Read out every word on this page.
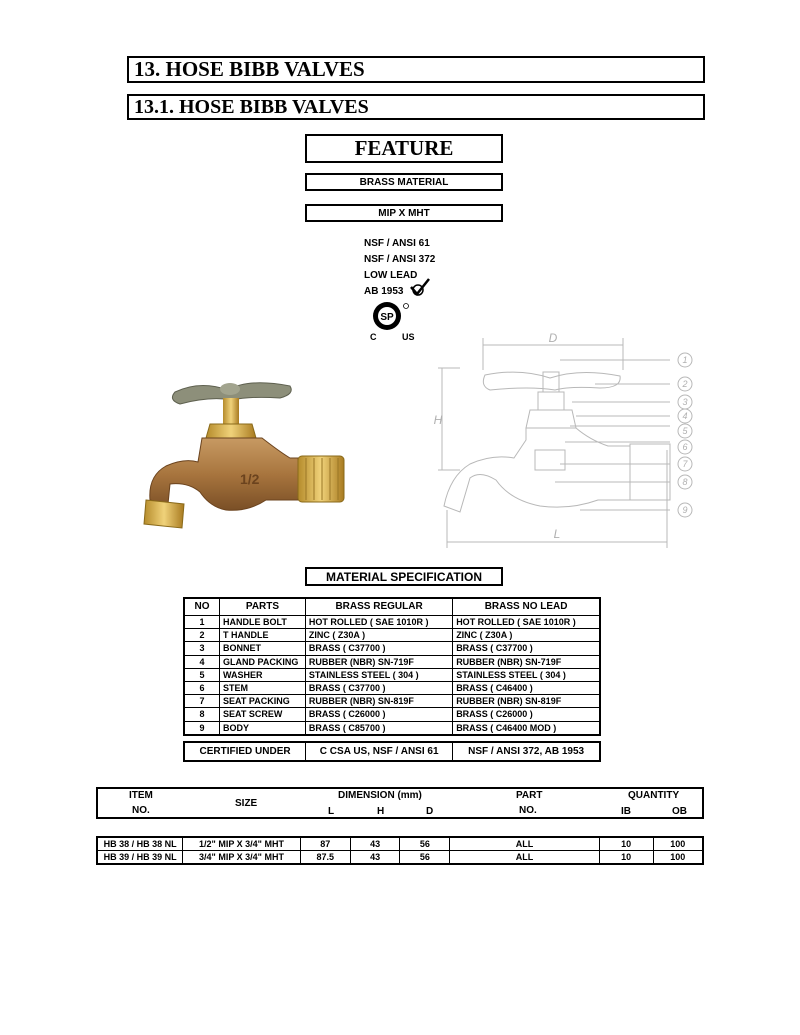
13. HOSE BIBB VALVES
13.1. HOSE BIBB VALVES
FEATURE
BRASS MATERIAL
MIP X MHT
NSF / ANSI 61
NSF / ANSI 372
LOW LEAD
AB 1953
SP
C	US
1/2
D
H
L
1
2
3
4
5
6
7
8
9
MATERIAL SPECIFICATION
NO	PARTS	BRASS REGULAR	BRASS NO LEAD
1	HANDLE BOLT	HOT ROLLED ( SAE 1010R )	HOT ROLLED ( SAE 1010R )
2	T HANDLE	ZINC ( Z30A )	ZINC ( Z30A )
3	BONNET	BRASS ( C37700 )	BRASS ( C37700 )
4	GLAND PACKING	RUBBER (NBR) SN-719F	RUBBER (NBR) SN-719F
5	WASHER	STAINLESS STEEL ( 304 )	STAINLESS STEEL ( 304 )
6	STEM	BRASS ( C37700 )	BRASS ( C46400 )
7	SEAT PACKING	RUBBER (NBR) SN-819F	RUBBER (NBR) SN-819F
8	SEAT SCREW	BRASS ( C26000 )	BRASS ( C26000 )
9	BODY	BRASS ( C85700 )	BRASS ( C46400 MOD )
CERTIFIED UNDER	C CSA US, NSF / ANSI 61	NSF / ANSI 372, AB 1953
ITEM
NO.
SIZE
DIMENSION (mm)
L	H	D
PART
NO.
QUANTITY
IB	OB
HB 38 / HB 38 NL	1/2" MIP X 3/4" MHT	87	43	56	ALL	10	100
HB 39 / HB 39 NL	3/4" MIP X 3/4" MHT	87.5	43	56	ALL	10	100
